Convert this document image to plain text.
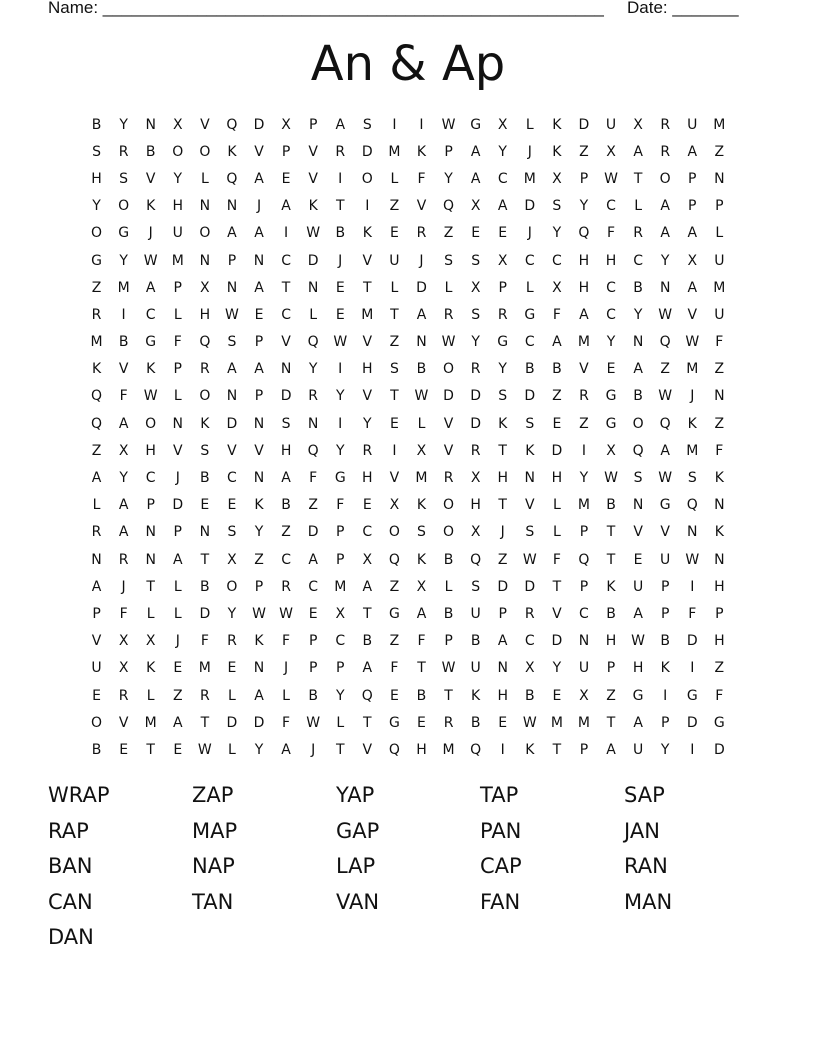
Name: _____________________________________________________ Date: _______
An & Ap
B	Y	N	X	V	Q	D	X	P	A	S	I	I	W	G	X	L	K	D	U	X	R	U	M
S	R	B	O	O	K	V	P	V	R	D	M	K	P	A	Y	J	K	Z	X	A	R	A	Z
H	S	V	Y	L	Q	A	E	V	I	O	L	F	Y	A	C	M	X	P	W	T	O	P	N
Y	O	K	H	N	N	J	A	K	T	I	Z	V	Q	X	A	D	S	Y	C	L	A	P	P
O	G	J	U	O	A	A	I	W	B	K	E	R	Z	E	E	J	Y	Q	F	R	A	A	L
G	Y	W	M	N	P	N	C	D	J	V	U	J	S	S	X	C	C	H	H	C	Y	X	U
Z	M	A	P	X	N	A	T	N	E	T	L	D	L	X	P	L	X	H	C	B	N	A	M
R	I	C	L	H	W	E	C	L	E	M	T	A	R	S	R	G	F	A	C	Y	W	V	U
M	B	G	F	Q	S	P	V	Q	W	V	Z	N	W	Y	G	C	A	M	Y	N	Q	W	F
K	V	K	P	R	A	A	N	Y	I	H	S	B	O	R	Y	B	B	V	E	A	Z	M	Z
Q	F	W	L	O	N	P	D	R	Y	V	T	W	D	D	S	D	Z	R	G	B	W	J	N
Q	A	O	N	K	D	N	S	N	I	Y	E	L	V	D	K	S	E	Z	G	O	Q	K	Z
Z	X	H	V	S	V	V	H	Q	Y	R	I	X	V	R	T	K	D	I	X	Q	A	M	F
A	Y	C	J	B	C	N	A	F	G	H	V	M	R	X	H	N	H	Y	W	S	W	S	K
L	A	P	D	E	E	K	B	Z	F	E	X	K	O	H	T	V	L	M	B	N	G	Q	N
R	A	N	P	N	S	Y	Z	D	P	C	O	S	O	X	J	S	L	P	T	V	V	N	K
N	R	N	A	T	X	Z	C	A	P	X	Q	K	B	Q	Z	W	F	Q	T	E	U	W	N
A	J	T	L	B	O	P	R	C	M	A	Z	X	L	S	D	D	T	P	K	U	P	I	H
P	F	L	L	D	Y	W W	E	X	T	G	A	B	U	P	R	V	C	B	A	P	F	P
V	X	X	J	F	R	K	F	P	C	B	Z	F	P	B	A	C	D	N	H	W	B	D	H
U	X	K	E	M	E	N	J	P	P	A	F	T	W	U	N	X	Y	U	P	H	K	I	Z
E	R	L	Z	R	L	A	L	B	Y	Q	E	B	T	K	H	B	E	X	Z	G	I	G	F
O	V	M	A	T	D	D	F	W	L	T	G	E	R	B	E	W	M	M	T	A	P	D	G
B	E	T	E	W	L	Y	A	J	T	V	Q	H	M	Q	I	K	T	P	A	U	Y	I	D
WRAP	ZAP	YAP	TAP	SAP
RAP	MAP	GAP	PAN	JAN
BAN	NAP	LAP	CAP	RAN
CAN	TAN	VAN	FAN	MAN
DAN
